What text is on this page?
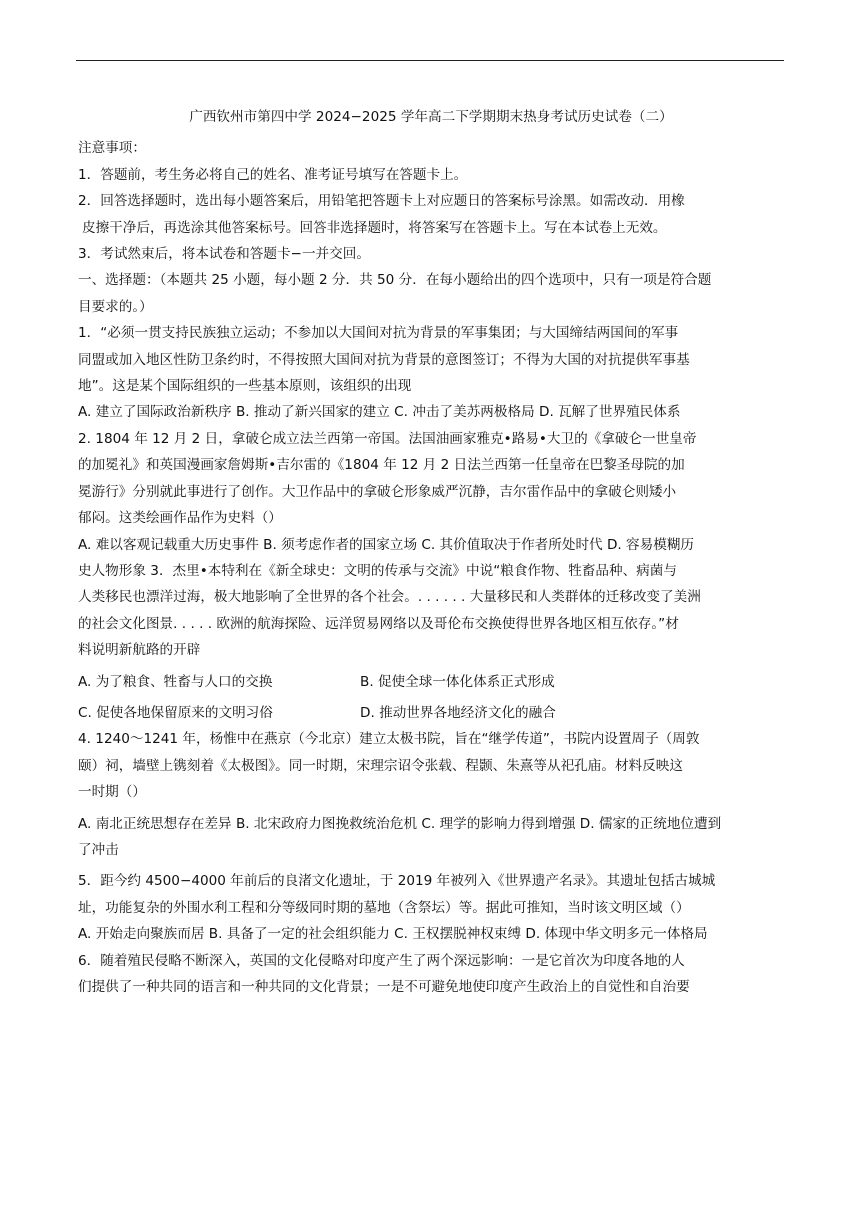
广西钦州市第四中学 2024−2025 学年高二下学期期末热身考试历史试卷（二）

注意事项：

1．答题前，考生务必将自己的姓名、准考证号填写在答题卡上。

2．回答选择题时，选出每小题答案后，用铅笔把答题卡上对应题日的答案标号涂黑。如需改动．用橡

皮擦干净后，再选涂其他答案标号。回答非选择题时，将答案写在答题卡上。写在本试卷上无效。

3．考试然束后，将本试卷和答题卡−一并交回。

一、选择题：（本题共 25 小题，每小题 2 分．共 50 分．在每小题给出的四个选项中，只有一项是符合题

目要求的。）

1．“必须一贯支持民族独立运动；不参加以大国间对抗为背景的军事集团；与大国缔结两国间的军事

同盟或加入地区性防卫条约时，不得按照大国间对抗为背景的意图签订；不得为大国的对抗提供军事基

地”。这是某个国际组织的一些基本原则，该组织的出现

A. 建立了国际政治新秩序 B. 推动了新兴国家的建立 C. 冲击了美苏两极格局 D. 瓦解了世界殖民体系

2. 1804 年 12 月 2 日，拿破仑成立法兰西第一帝国。法国油画家雅克•路易•大卫的《拿破仑一世皇帝

的加冕礼》和英国漫画家詹姆斯•吉尔雷的《1804 年 12 月 2 日法兰西第一任皇帝在巴黎圣母院的加

冕游行》分别就此事进行了创作。大卫作品中的拿破仑形象威严沉静，吉尔雷作品中的拿破仑则矮小

郁闷。这类绘画作品作为史料（）

A. 难以客观记载重大历史事件 B. 须考虑作者的国家立场 C. 其价值取决于作者所处时代 D. 容易模糊历

史人物形象 3．杰里•本特利在《新全球史：文明的传承与交流》中说“粮食作物、牲畜品种、病菌与

人类移民也漂洋过海，极大地影响了全世界的各个社会。. . . . . . 大量移民和人类群体的迁移改变了美洲

的社会文化图景. . . . . 欧洲的航海探险、远洋贸易网络以及哥伦布交换使得世界各地区相互依存。”材

料说明新航路的开辟

A. 为了粮食、牲畜与人口的交换	B. 促使全球一体化体系正式形成
C. 促使各地保留原来的文明习俗	D. 推动世界各地经济文化的融合

4. 1240～1241 年，杨惟中在燕京（今北京）建立太极书院，旨在“继学传道”，书院内设置周子（周敦

颐）祠，墙壁上镌刻着《太极图》。同一时期，宋理宗诏令张载、程颢、朱熹等从祀孔庙。材料反映这

一时期（）

A. 南北正统思想存在差异 B. 北宋政府力图挽救统治危机 C. 理学的影响力得到增强 D. 儒家的正统地位遭到

了冲击

5．距今约 4500−4000 年前后的良渚文化遗址，于 2019 年被列入《世界遗产名录》。其遗址包括古城城

址，功能复杂的外围水利工程和分等级同时期的墓地（含祭坛）等。据此可推知，当时该文明区域（）

A. 开始走向聚族而居 B. 具备了一定的社会组织能力 C. 王权摆脱神权束缚 D. 体现中华文明多元一体格局

6．随着殖民侵略不断深入，英国的文化侵略对印度产生了两个深远影响：一是它首次为印度各地的人

们提供了一种共同的语言和一种共同的文化背景；一是不可避免地使印度产生政治上的自觉性和自治要
